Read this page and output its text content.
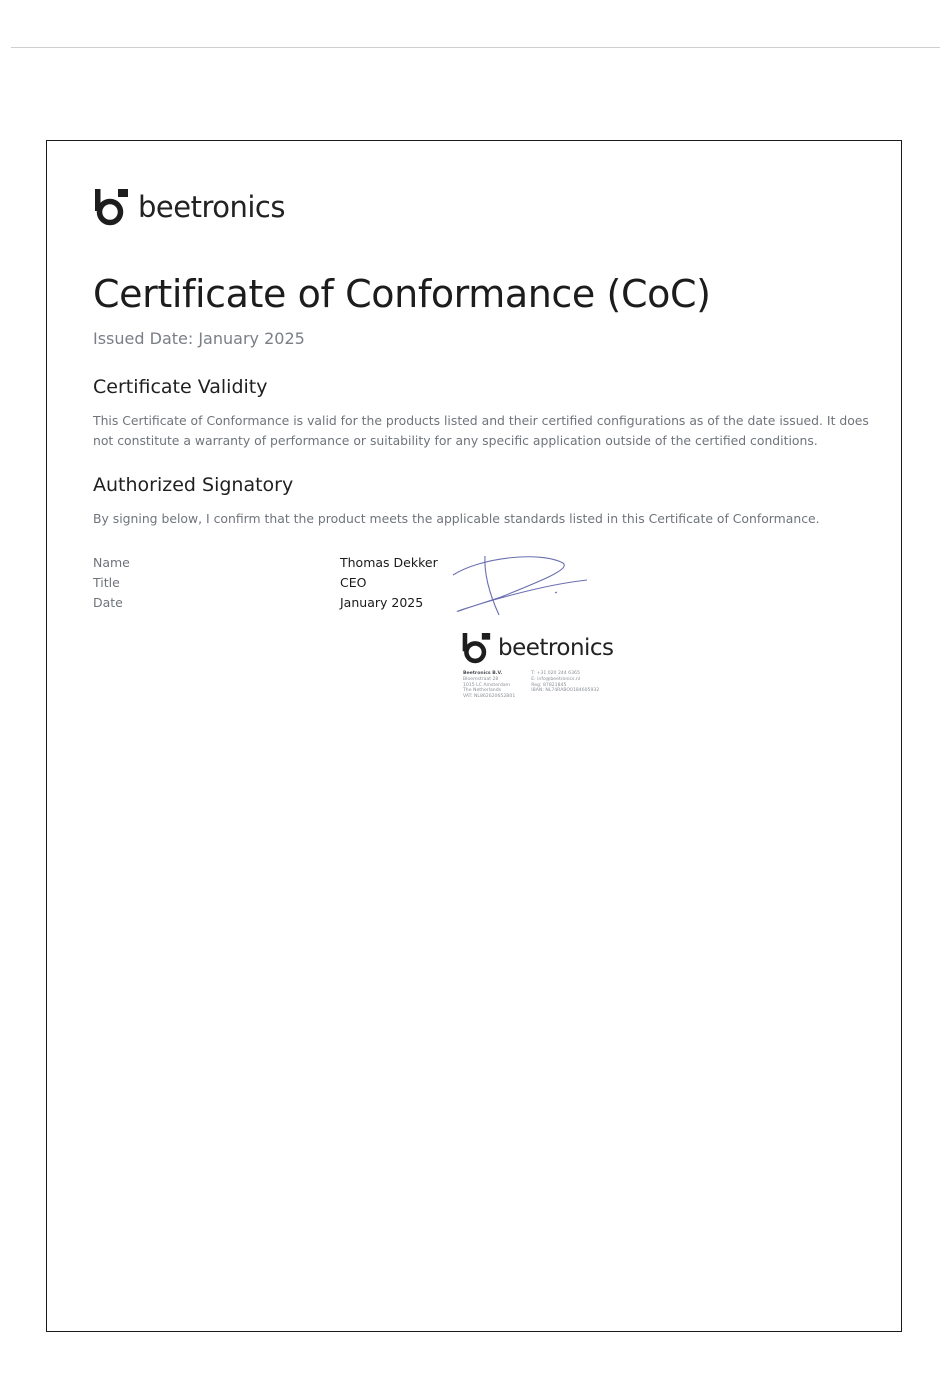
beetronics
Certificate of Conformance (CoC)
Issued Date: January 2025
Certificate Validity

This Certificate of Conformance is valid for the products listed and their certified configurations as of the date issued. It does not constitute a warranty of performance or suitability for any specific application outside of the certified conditions.

Authorized Signatory

By signing below, I confirm that the product meets the applicable standards listed in this Certificate of Conformance.

Name	Thomas Dekker
Title	CEO
Date	January 2025
beetronics
Beetronics B.V.
Bloemstraat 28
1015 LC Amsterdam
The Netherlands
VAT: NL862620652B01
T: +31 020 244 6365
E: info@beetronics.nl
Reg: 87821845
IBAN: NL74RABO0184605932
